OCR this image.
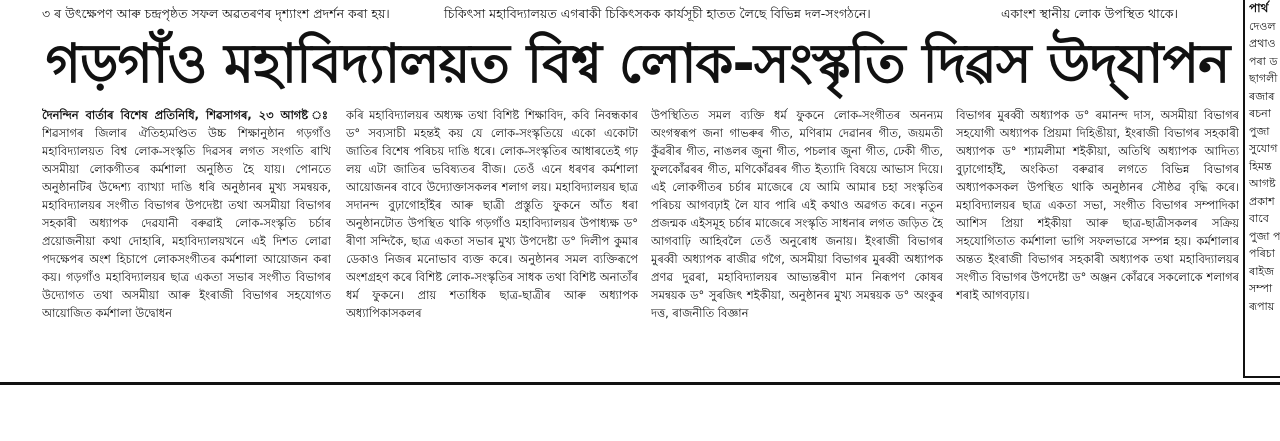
৩ ৰ উৎক্ষেপণ আৰু চন্দ্ৰপৃষ্ঠত সফল অৱতৰণৰ দৃশ্যাংশ প্ৰদৰ্শন কৰা হয়।	চিকিৎসা মহাবিদ্যালয়ত এগৰাকী চিকিৎসকক কাৰ্যসূচী হাতত লৈছে বিভিন্ন দল-সংগঠনে।	একাংশ স্থানীয় লোক উপস্থিত থাকে।
গড়গাঁও মহাবিদ্যালয়ত বিশ্ব লোক-সংস্কৃতি দিৱস উদ্‌যাপন
দৈনন্দিন বাৰ্তাৰ বিশেষ প্ৰতিনিধি, শিৱসাগৰ, ২৩ আগষ্ট ঃ শিৱসাগৰ জিলাৰ ঐতিহ্যমণ্ডিত উচ্চ শিক্ষানুষ্ঠান গড়গাঁও মহাবিদ্যালয়ত বিশ্ব লোক-সংস্কৃতি দিৱসৰ লগত সংগতি ৰাখি অসমীয়া লোকগীতৰ কৰ্মশালা অনুষ্ঠিত হৈ যায়। পোনতে অনুষ্ঠানটিৰ উদ্দেশ্য ব্যাখ্যা দাঙি ধৰি অনুষ্ঠানৰ মুখ্য সমন্বয়ক, মহাবিদ্যালয়ৰ সংগীত বিভাগৰ উপদেষ্টা তথা অসমীয়া বিভাগৰ সহকাৰী অধ্যাপক দেৱযানী বৰুৱাই লোক-সংস্কৃতি চৰ্চাৰ প্ৰয়োজনীয়া কথা দোহাৰি, মহাবিদ্যালয়খনে এই দিশত লোৱা পদক্ষেপৰ অংশ হিচাপে লোকসংগীতৰ কৰ্মশালা আয়োজন কৰা কয়। গড়গাঁও মহাবিদ্যালয়ৰ ছাত্ৰ একতা সভাৰ সংগীত বিভাগৰ উদ্যোগত তথা অসমীয়া আৰু ইংৰাজী বিভাগৰ সহযোগত আয়োজিত কৰ্মশালা উদ্বোধন
কৰি মহাবিদ্যালয়ৰ অধ্যক্ষ তথা বিশিষ্ট শিক্ষাবিদ, কবি নিবন্ধকাৰ ড° সব্যসাচী মহন্তই কয় যে লোক-সংস্কৃতিয়ে একো একোটা জাতিৰ বিশেষ পৰিচয় দাঙি ধৰে। লোক-সংস্কৃতিৰ আধাৰতেই গঢ় লয় এটা জাতিৰ ভবিষ্যতৰ বীজ। তেওঁ এনে ধৰণৰ কৰ্মশালা আয়োজনৰ বাবে উদ্যোক্তাসকলৰ শলাগ লয়। মহাবিদ্যালয়ৰ ছাত্ৰ সদানন্দ বুঢ়াগোহাঁইৰ আৰু ছাত্ৰী প্ৰস্তুতি ফুকনে আঁত ধৰা অনুষ্ঠানটোত উপস্থিত থাকি গড়গাঁও মহাবিদ্যালয়ৰ উপাধ্যক্ষ ড° ৰীণা সন্দিকৈ, ছাত্ৰ একতা সভাৰ মুখ্য উপদেষ্টা ড° দিলীপ কুমাৰ ডেকাও নিজৰ মনোভাব ব্যক্ত কৰে। অনুষ্ঠানৰ সমল ব্যক্তিৰূপে অংশগ্ৰহণ কৰে বিশিষ্ট লোক-সংস্কৃতিৰ সাধক তথা বিশিষ্ট অনাতাঁৰ ধৰ্ম ফুকনে। প্ৰায় শতাধিক ছাত্ৰ-ছাত্ৰীৰ আৰু অধ্যাপক অধ্যাপিকাসকলৰ
উপস্থিতিত সমল ব্যক্তি ধৰ্ম ফুকনে লোক-সংগীতৰ অনন্যম অংগস্বৰূপ জনা গাভৰুৰ গীত, মণিৰাম দেৱানৰ গীত, জয়মতী কুঁৱৰীৰ গীত, নাঙলৰ জুনা গীত, পচলাৰ জুনা গীত, ঢেকী গীত, ফুলকোঁৱৰৰ গীত, মণিকোঁৱৰৰ গীত ইত্যাদি বিষয়ে আভাস দিয়ে। এই লোকগীতৰ চৰ্চাৰ মাজেৰে যে আমি আমাৰ চহা সংস্কৃতিৰ পৰিচয় আগবঢ়াই লৈ যাব পাৰি এই কথাও অৱগত কৰে। নতুন প্ৰজন্মক এইসমূহ চৰ্চাৰ মাজেৰে সংস্কৃতি সাধনাৰ লগত জড়িত হৈ আগবাঢ়ি আহিবলৈ তেওঁ অনুৰোধ জনায়। ইংৰাজী বিভাগৰ মুৰব্বী অধ্যাপক ৰাজীৱ গগৈ, অসমীয়া বিভাগৰ মুৰব্বী অধ্যাপক প্ৰণৱ দুৱৰা, মহাবিদ্যালয়ৰ আভ্যন্তৰীণ মান নিৰূপণ কোষৰ সমন্বয়ক ড° সুৰজিৎ শইকীয়া, অনুষ্ঠানৰ মুখ্য সমন্বয়ক ড° অংকুৰ দত্ত, ৰাজনীতি বিজ্ঞান
বিভাগৰ মুৰব্বী অধ্যাপক ড° ৰমানন্দ দাস, অসমীয়া বিভাগৰ সহযোগী অধ্যাপক প্ৰিয়মা দিহিঙীয়া, ইংৰাজী বিভাগৰ সহকাৰী অধ্যাপক ড° শ্যামলীমা শইকীয়া, অতিথি অধ্যাপক আদিত্য বুঢ়াগোহাঁই, অংকিতা বৰুৱাৰ লগতে বিভিন্ন বিভাগৰ অধ্যাপকসকল উপস্থিত থাকি অনুষ্ঠানৰ সৌষ্ঠৱ বৃদ্ধি কৰে। মহাবিদ্যালয়ৰ ছাত্ৰ একতা সভা, সংগীত বিভাগৰ সম্পাদিকা আশিস প্ৰিয়া শইকীয়া আৰু ছাত্ৰ-ছাত্ৰীসকলৰ সক্ৰিয় সহযোগিতাত কৰ্মশালা ভাগি সফলভাৱে সম্পন্ন হয়। কৰ্মশালাৰ অন্তত ইংৰাজী বিভাগৰ সহকাৰী অধ্যাপক তথা মহাবিদ্যালয়ৰ সংগীত বিভাগৰ উপদেষ্টা ড° অঞ্জন কোঁৱৰে সকলোকে শলাগৰ শৰাই আগবঢ়ায়।
পাৰ্থ
দেওল
প্ৰথাও
পৰা ড
ছাগলী
ৰজাৰ
ৰচনা
পুজা
সুযোগ
হিমন্ত
আগষ্ট
প্ৰকাশ
বাবে
পুজা প
পৰিচা
ৰাইজ
সম্পা
ৰূপায়
